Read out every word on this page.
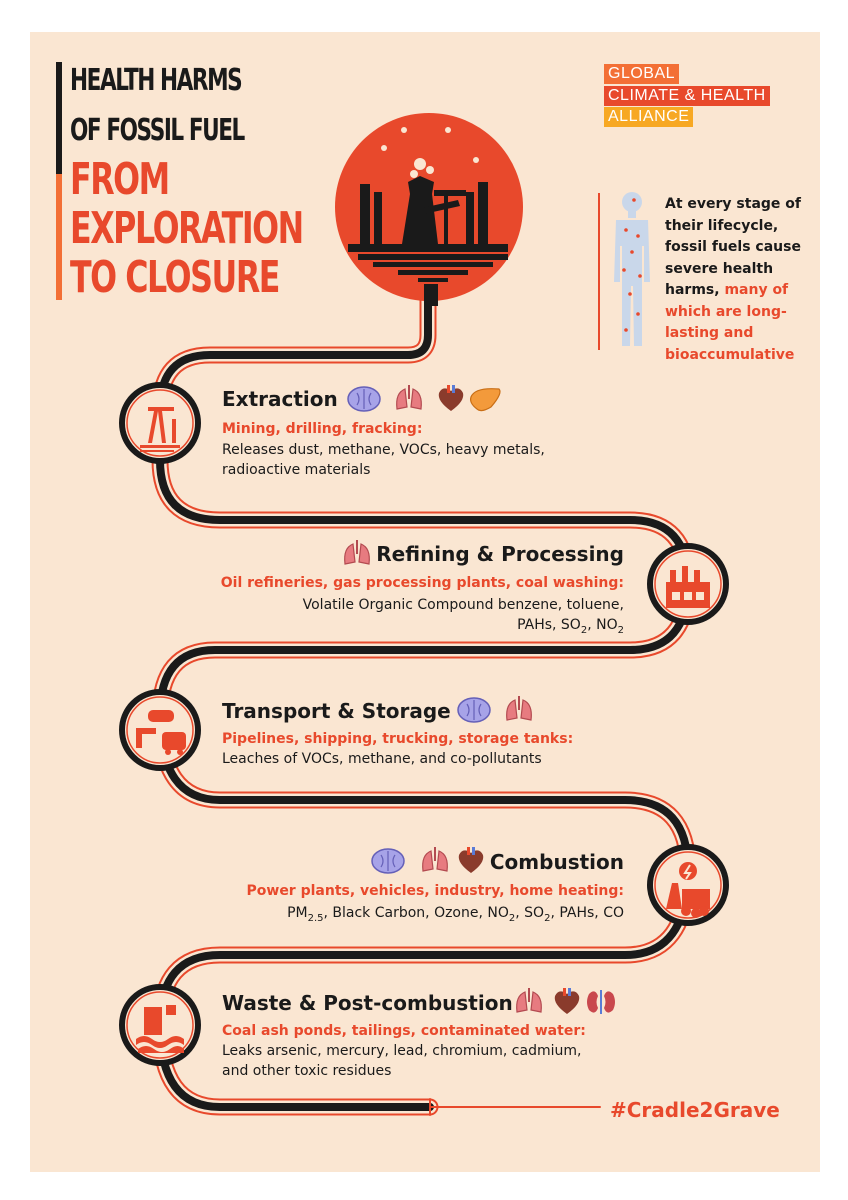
HEALTH HARMS
OF FOSSIL FUEL
FROM
EXPLORATION
TO CLOSURE
GLOBAL
CLIMATE & HEALTH
ALLIANCE
At every stage of their lifecycle, fossil fuels cause severe health harms, many of which are long-lasting and bioaccumulative
Extraction
Mining, drilling, fracking:
Releases dust, methane, VOCs, heavy metals,
radioactive materials
Refining & Processing
Oil refineries, gas processing plants, coal washing:
Volatile Organic Compound benzene, toluene,
PAHs, $SO_2$, $NO_2$
Transport & Storage
Pipelines, shipping, trucking, storage tanks:
Leaches of VOCs, methane, and co-pollutants
Combustion
Power plants, vehicles, industry, home heating:
$PM_{2.5}$, Black Carbon, Ozone, $NO_2$, $SO_2$, PAHs, CO
Waste & Post-combustion
Coal ash ponds, tailings, contaminated water:
Leaks arsenic, mercury, lead, chromium, cadmium,
and other toxic residues
#Cradle2Grave
